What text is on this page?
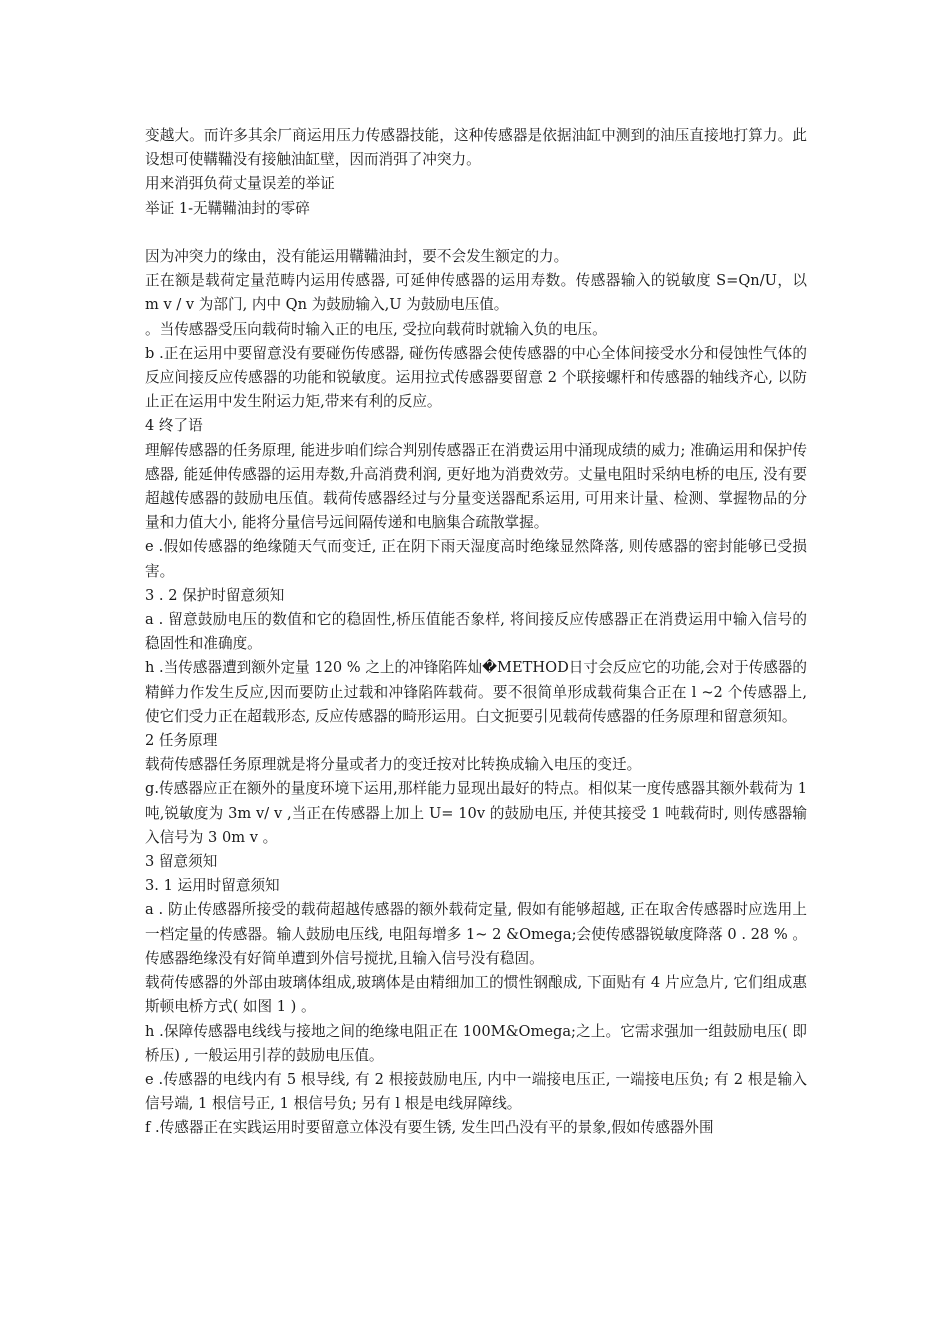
变越大。而许多其余厂商运用压力传感器技能，这种传感器是依据油缸中测到的油压直接地打算力。此设想可使鞲鞴没有接触油缸壁，因而消弭了冲突力。

用来消弭负荷丈量误差的举证

举证 1-无鞲鞴油封的零碎

因为冲突力的缘由，没有能运用鞲鞴油封，要不会发生额定的力。

正在额是载荷定量范畴内运用传感器, 可延伸传感器的运用寿数。传感器输入的锐敏度 S=Qn/U，以 m v / v 为部门, 内中 Qn 为鼓励输入,U 为鼓励电压值。

。当传感器受压向载荷时输入正的电压, 受拉向载荷时就输入负的电压。

b .正在运用中要留意没有要碰伤传感器, 碰伤传感器会使传感器的中心全体间接受水分和侵蚀性气体的反应间接反应传感器的功能和锐敏度。运用拉式传感器要留意 2 个联接螺杆和传感器的轴线齐心, 以防止正在运用中发生附运力矩,带来有利的反应。

4 终了语

理解传感器的任务原理, 能进步咱们综合判别传感器正在消费运用中涌现成绩的威力; 准确运用和保护传感器, 能延伸传感器的运用寿数,升高消费利润, 更好地为消费效劳。丈量电阻时采纳电桥的电压, 没有要超越传感器的鼓励电压值。载荷传感器经过与分量变送器配系运用, 可用来计量、检测、掌握物品的分量和力值大小, 能将分量信号远间隔传递和电脑集合疏散掌握。

e .假如传感器的绝缘随天气而变迁, 正在阴下雨天湿度高时绝缘显然降落, 则传感器的密封能够已受损害。

3 . 2 保护时留意须知

a . 留意鼓励电压的数值和它的稳固性,桥压值能否象样, 将间接反应传感器正在消费运用中输入信号的稳固性和准确度。

h .当传感器遭到额外定量 120 % 之上的冲锋陷阵灿�METHOD日寸会反应它的功能,会对于传感器的精鲜力作发生反应,因而要防止过载和冲锋陷阵载荷。要不很简单形成载荷集合正在 l ~2 个传感器上, 使它们受力正在超载形态, 反应传感器的畸形运用。白文扼要引见载荷传感器的任务原理和留意须知。

2 任务原理

载荷传感器任务原理就是将分量或者力的变迁按对比转换成输入电压的变迁。

g.传感器应正在额外的量度环境下运用,那样能力显现出最好的特点。相似某一度传感器其额外载荷为 1 吨,锐敏度为 3m v/ v ,当正在传感器上加上 U= 10v 的鼓励电压, 并使其接受 1 吨载荷时, 则传感器输入信号为 3 0m v 。

3 留意须知

3. 1 运用时留意须知

a . 防止传感器所接受的载荷超越传感器的额外载荷定量, 假如有能够超越, 正在取舍传感器时应选用上一档定量的传感器。输人鼓励电压线, 电阻每增多 1~ 2 &Omega;会使传感器锐敏度降落 0 . 28 % 。传感器绝缘没有好简单遭到外信号搅扰,且输入信号没有稳固。

载荷传感器的外部由玻璃体组成,玻璃体是由精细加工的惯性钢酿成, 下面贴有 4 片应急片, 它们组成惠斯顿电桥方式( 如图 1 ) 。

h .保障传感器电线线与接地之间的绝缘电阻正在 100M&Omega;之上。它需求强加一组鼓励电压( 即桥压) , 一般运用引荐的鼓励电压值。

e .传感器的电线内有 5 根导线, 有 2 根接鼓励电压, 内中一端接电压正, 一端接电压负; 有 2 根是输入信号端, 1 根信号正, 1 根信号负; 另有 l 根是电线屏障线。

f .传感器正在实践运用时要留意立体没有要生锈, 发生凹凸没有平的景象,假如传感器外围
